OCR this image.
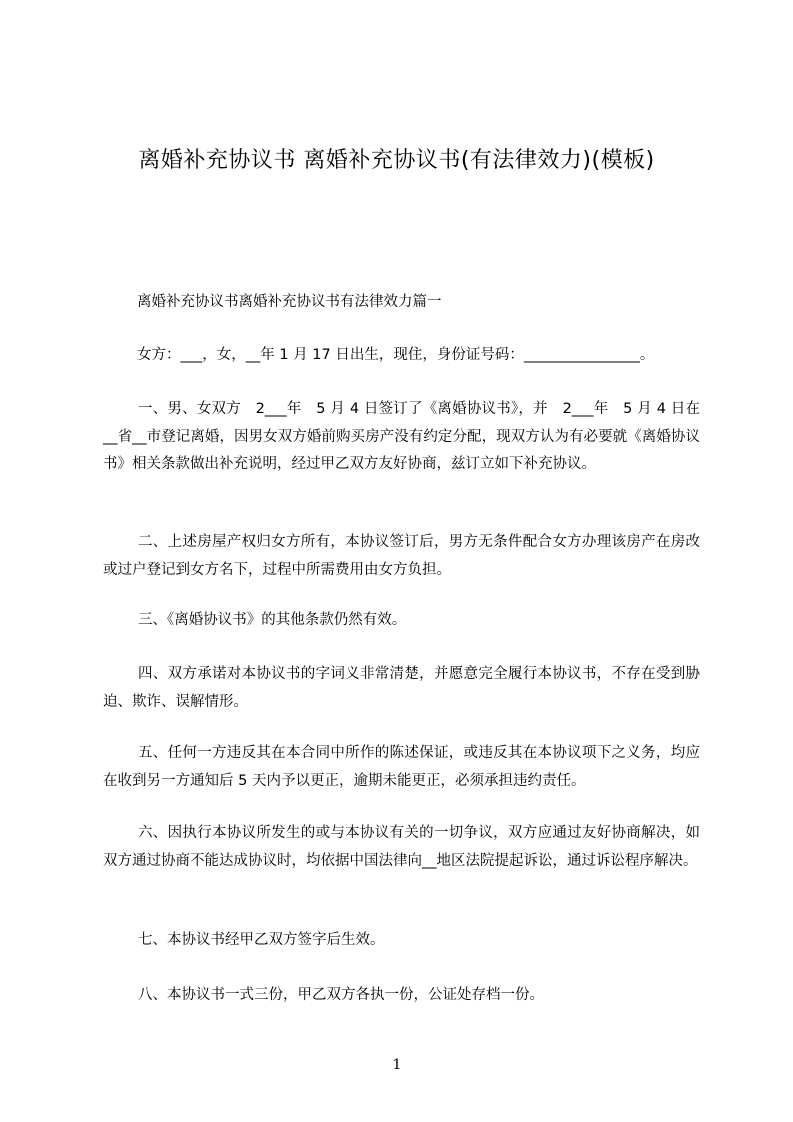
离婚补充协议书 离婚补充协议书(有法律效力)(模板)
离婚补充协议书离婚补充协议书有法律效力篇一
女方：___，女，__年 1 月 17 日出生，现住，身份证号码：________________。
一、男、女双方　2___年　5 月 4 日签订了《离婚协议书》，并　2___年　5 月 4 日在__省__市登记离婚，因男女双方婚前购买房产没有约定分配，现双方认为有必要就《离婚协议书》相关条款做出补充说明，经过甲乙双方友好协商，兹订立如下补充协议。
二、上述房屋产权归女方所有，本协议签订后，男方无条件配合女方办理该房产在房改或过户登记到女方名下，过程中所需费用由女方负担。
三、《离婚协议书》的其他条款仍然有效。
四、双方承诺对本协议书的字词义非常清楚，并愿意完全履行本协议书，不存在受到胁迫、欺诈、误解情形。
五、任何一方违反其在本合同中所作的陈述保证，或违反其在本协议项下之义务，均应在收到另一方通知后 5 天内予以更正，逾期未能更正，必须承担违约责任。
六、因执行本协议所发生的或与本协议有关的一切争议，双方应通过友好协商解决，如双方通过协商不能达成协议时，均依据中国法律向__地区法院提起诉讼，通过诉讼程序解决。
七、本协议书经甲乙双方签字后生效。
八、本协议书一式三份，甲乙双方各执一份，公证处存档一份。
1
